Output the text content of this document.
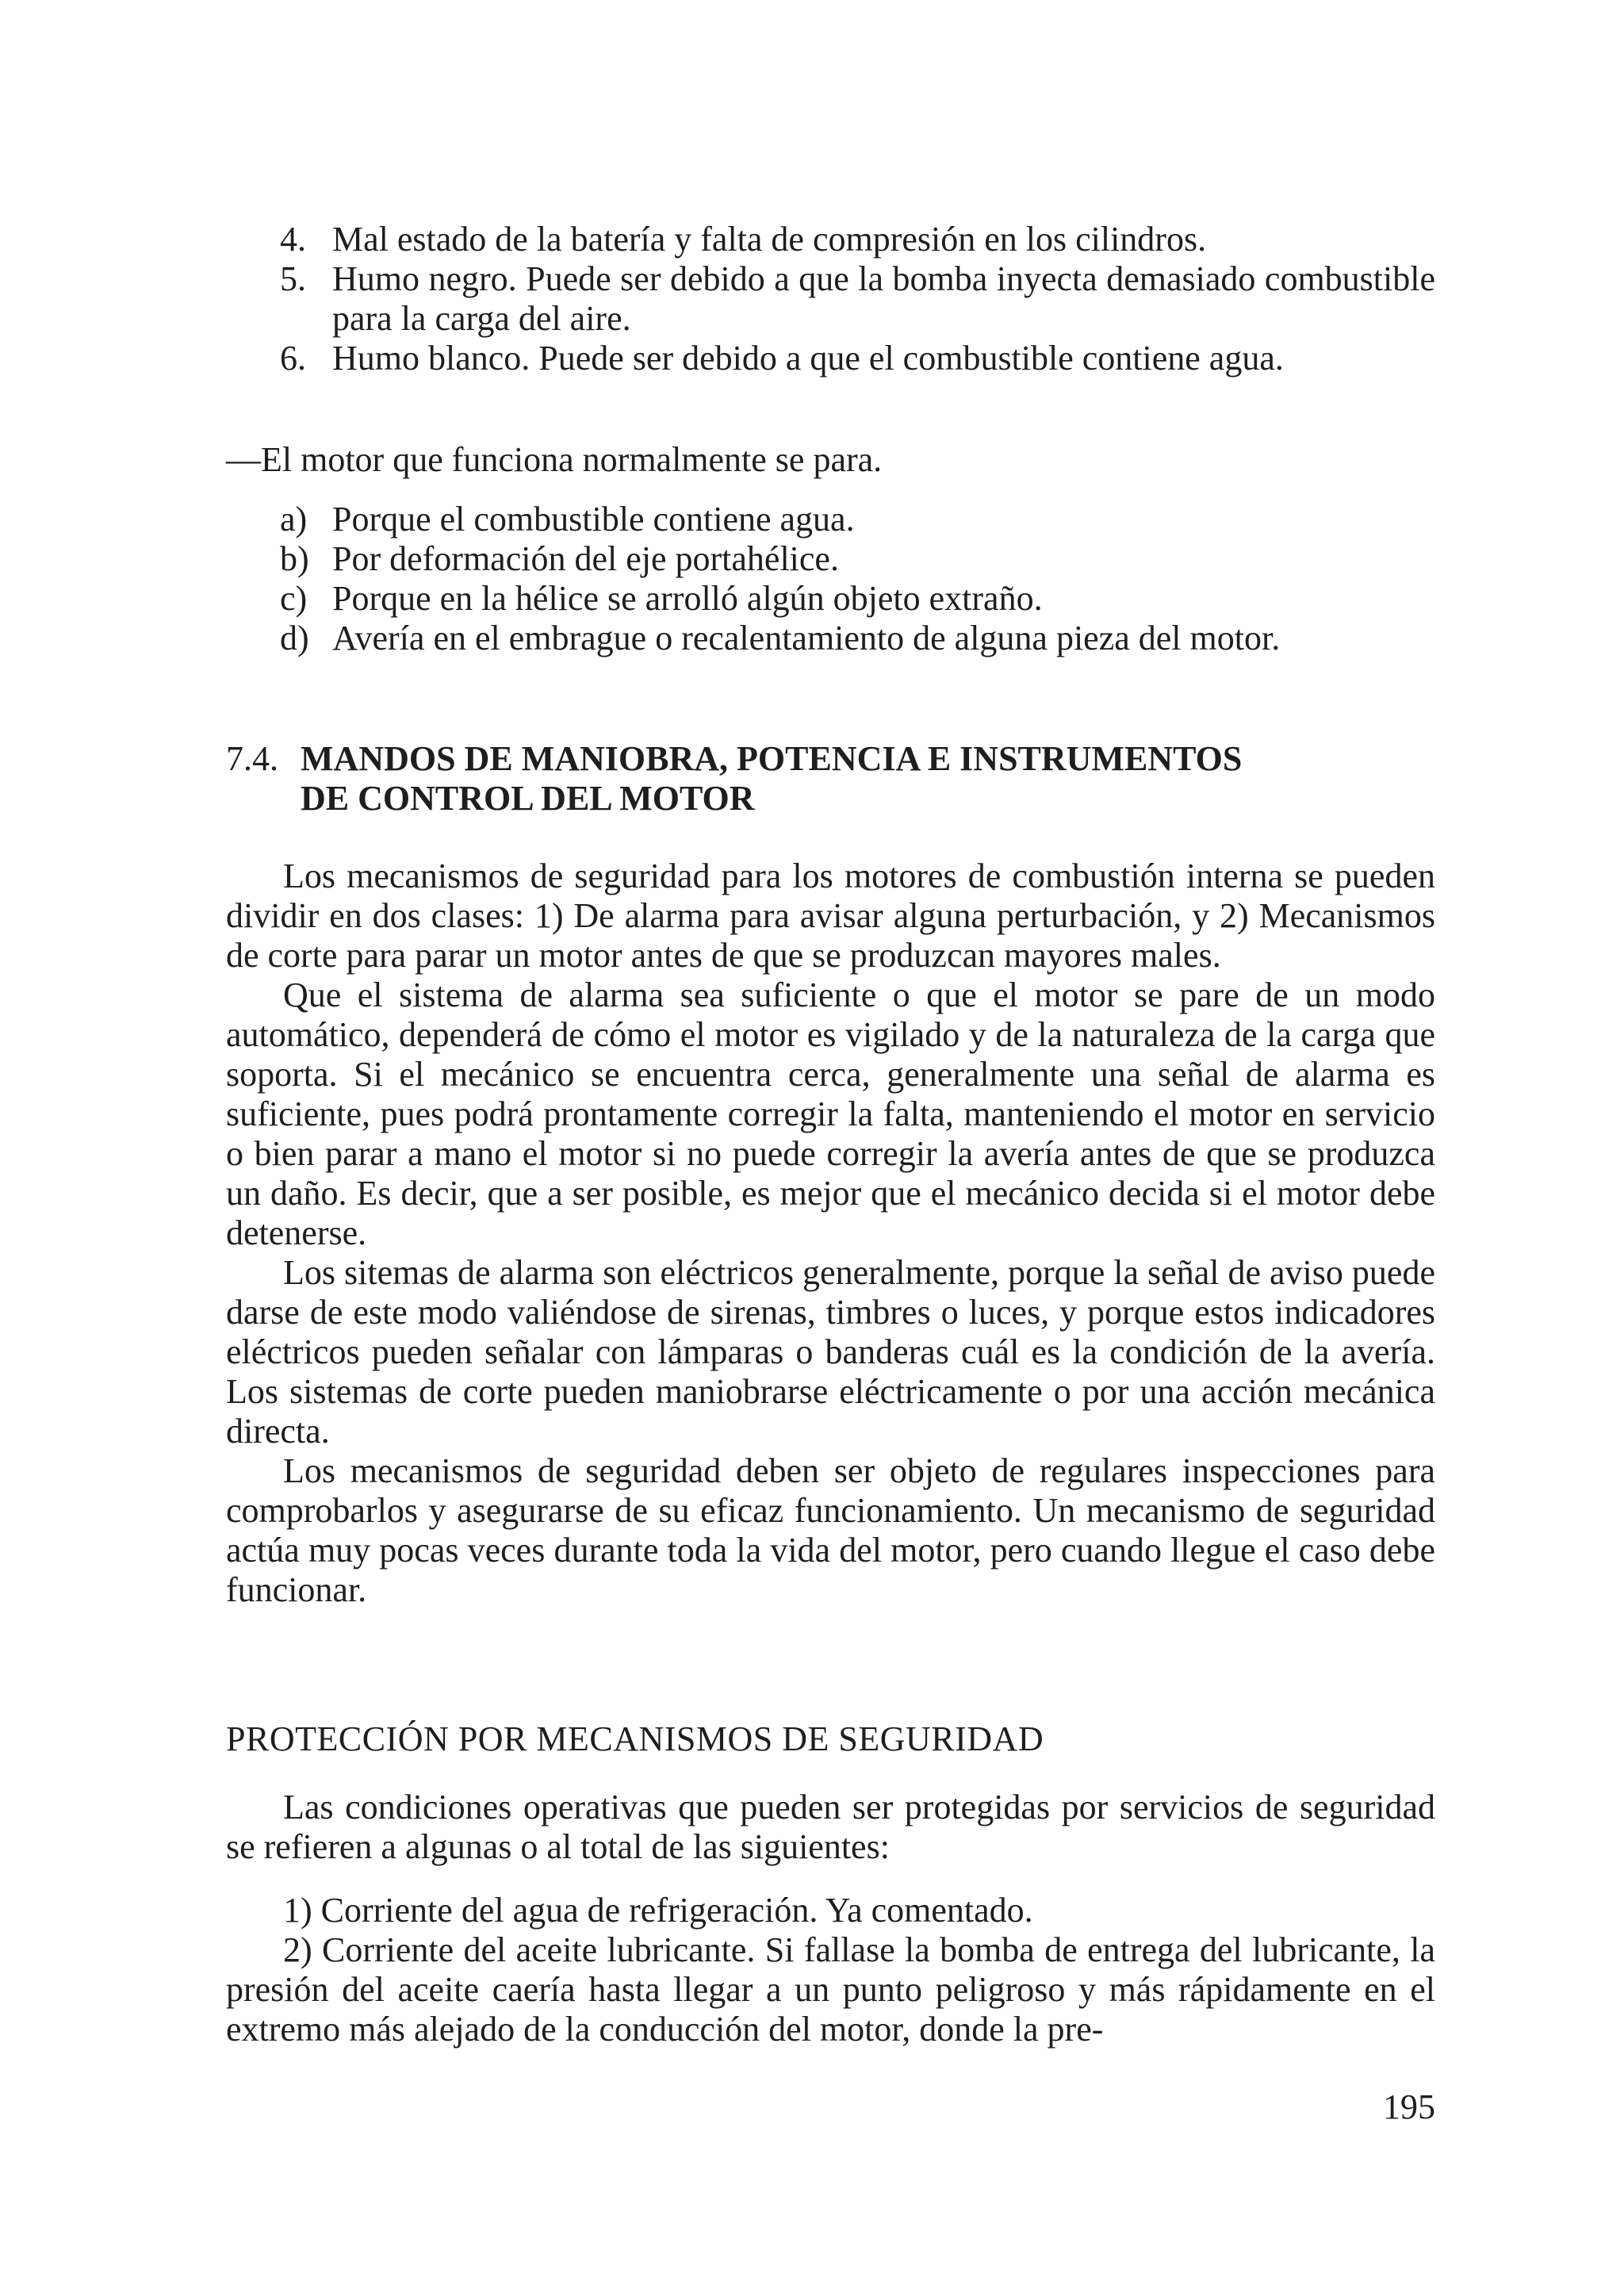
4. Mal estado de la batería y falta de compresión en los cilindros.
5. Humo negro. Puede ser debido a que la bomba inyecta demasiado combustible para la carga del aire.
6. Humo blanco. Puede ser debido a que el combustible contiene agua.
—El motor que funciona normalmente se para.
a) Porque el combustible contiene agua.
b) Por deformación del eje portahélice.
c) Porque en la hélice se arrolló algún objeto extraño.
d) Avería en el embrague o recalentamiento de alguna pieza del motor.
7.4. MANDOS DE MANIOBRA, POTENCIA E INSTRUMENTOS
DE CONTROL DEL MOTOR

Los mecanismos de seguridad para los motores de combustión interna se pueden dividir en dos clases: 1) De alarma para avisar alguna perturbación, y 2) Mecanismos de corte para parar un motor antes de que se produzcan mayores males.

Que el sistema de alarma sea suficiente o que el motor se pare de un modo automático, dependerá de cómo el motor es vigilado y de la naturaleza de la carga que soporta. Si el mecánico se encuentra cerca, generalmente una señal de alarma es suficiente, pues podrá prontamente corregir la falta, manteniendo el motor en servicio o bien parar a mano el motor si no puede corregir la avería antes de que se produzca un daño. Es decir, que a ser posible, es mejor que el mecánico decida si el motor debe detenerse.

Los sitemas de alarma son eléctricos generalmente, porque la señal de aviso puede darse de este modo valiéndose de sirenas, timbres o luces, y porque estos indicadores eléctricos pueden señalar con lámparas o banderas cuál es la condición de la avería. Los sistemas de corte pueden maniobrarse eléctricamente o por una acción mecánica directa.

Los mecanismos de seguridad deben ser objeto de regulares inspecciones para comprobarlos y asegurarse de su eficaz funcionamiento. Un mecanismo de seguridad actúa muy pocas veces durante toda la vida del motor, pero cuando llegue el caso debe funcionar.

PROTECCIÓN POR MECANISMOS DE SEGURIDAD

Las condiciones operativas que pueden ser protegidas por servicios de seguridad se refieren a algunas o al total de las siguientes:

1) Corriente del agua de refrigeración. Ya comentado.

2) Corriente del aceite lubricante. Si fallase la bomba de entrega del lubricante, la presión del aceite caería hasta llegar a un punto peligroso y más rápidamente en el extremo más alejado de la conducción del motor, donde la pre-

195
